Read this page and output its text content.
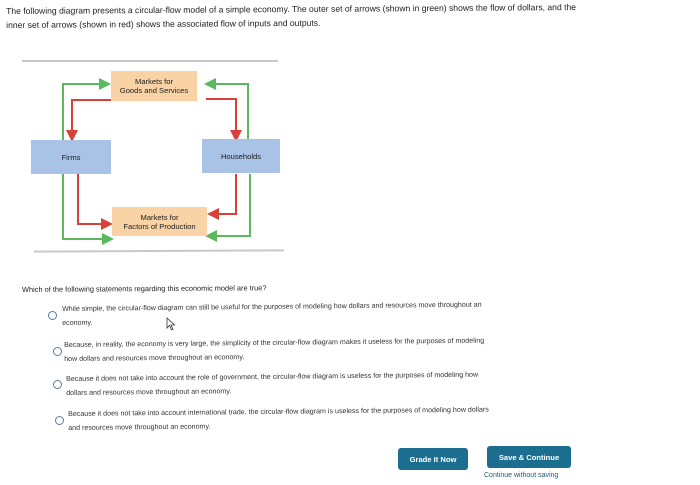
The following diagram presents a circular-flow model of a simple economy. The outer set of arrows (shown in green) shows the flow of dollars, and the
inner set of arrows (shown in red) shows the associated flow of inputs and outputs.
Markets for
Goods and Services
Firms	Households
Markets for
Factors of Production
Which of the following statements regarding this economic model are true?
While simple, the circular-flow diagram can still be useful for the purposes of modeling how dollars and resources move throughout an
economy.
Because, in reality, the economy is very large, the simplicity of the circular-flow diagram makes it useless for the purposes of modeling
how dollars and resources move throughout an economy.
Because it does not take into account the role of government, the circular-flow diagram is useless for the purposes of modeling how
dollars and resources move throughout an economy.
Because it does not take into account international trade, the circular-flow diagram is useless for the purposes of modeling how dollars
and resources move throughout an economy.
Grade It Now	Save & Continue
Continue without saving
